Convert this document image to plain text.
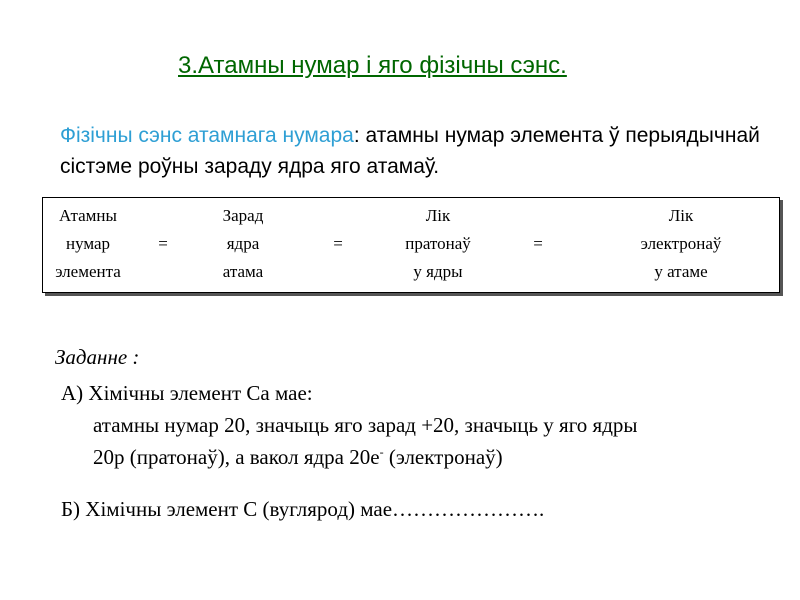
3.Атамны нумар і яго фізічны сэнс.
Фізічны сэнс атамнага нумара: атамны нумар элемента ў перыядычнай сістэме роўны зараду ядра яго атамаў.
Атамны		Зарад		Лік		Лік
нумар	=	ядра	=	пратонаў	=	электронаў
элемента		атама		у ядры		у атаме
Заданне :
А) Хімічны элемент Са мае:
атамны нумар 20, значыць яго зарад +20, значыць у яго ядры
20р (пратонаў), а вакол ядра 20е- (электронаў)
Б) Хімічны элемент С (вуглярод) мае………………….
